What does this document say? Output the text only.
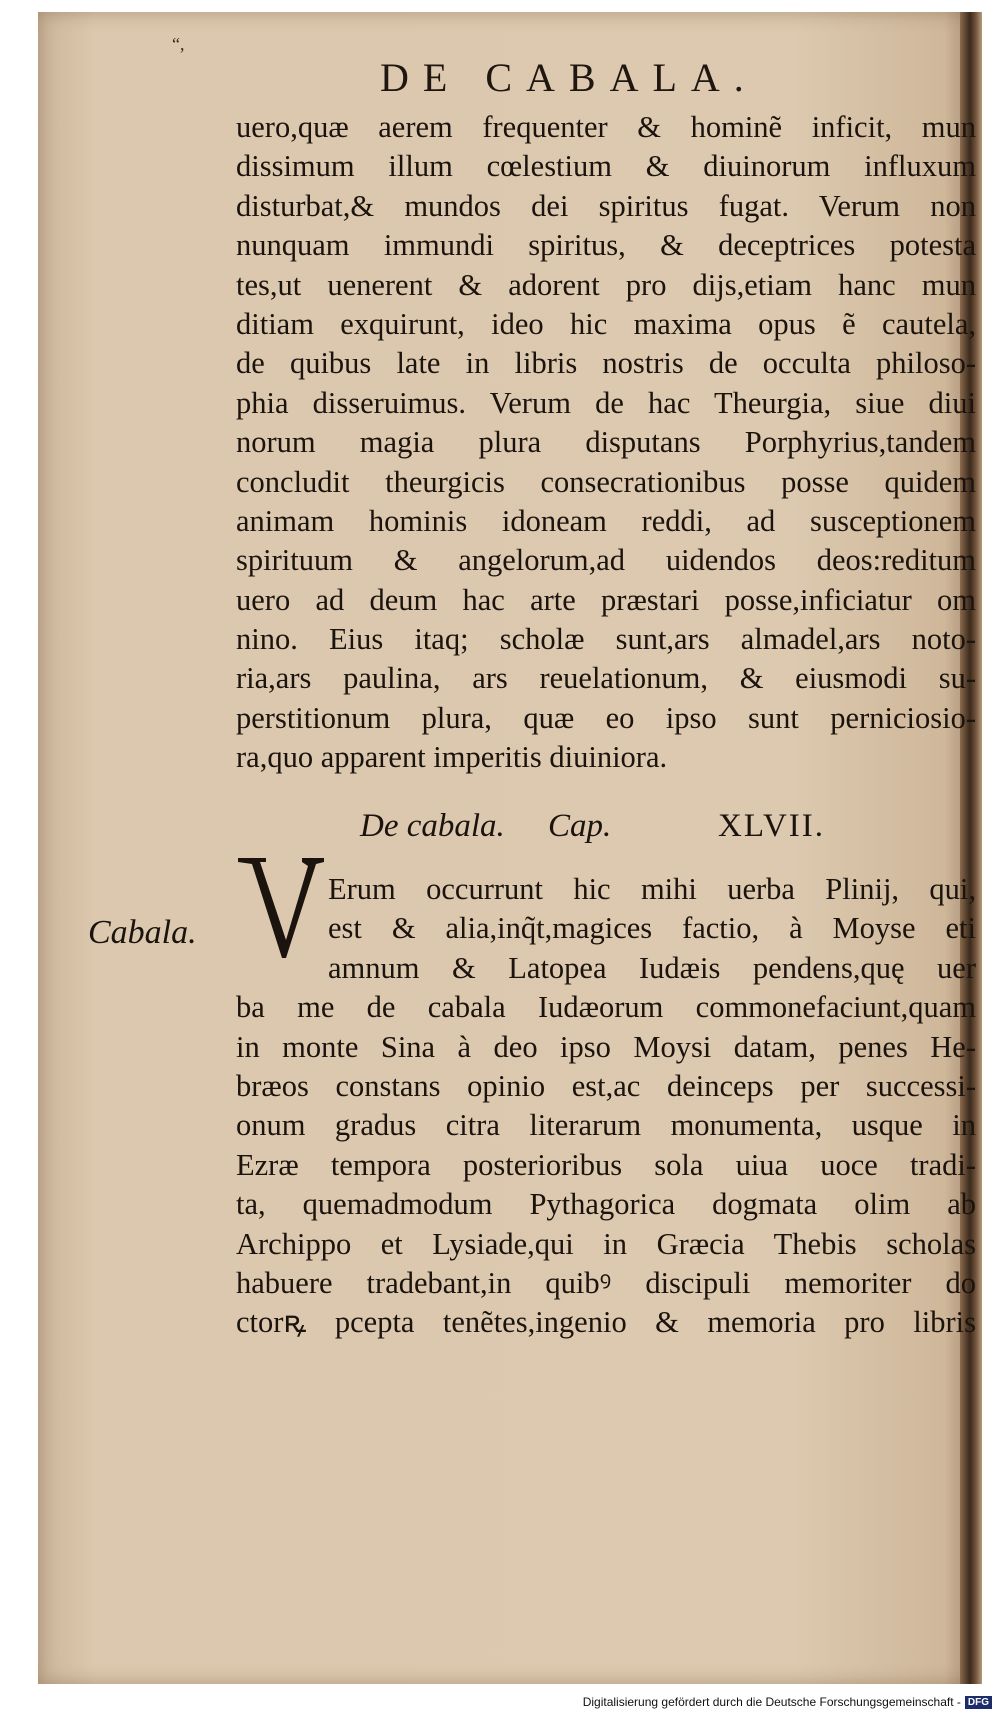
“,
DE CABALA.
uero,quæ aerem frequenter & hominẽ inficit, mun
dissimum illum cœlestium & diuinorum influxum
disturbat,& mundos dei spiritus fugat. Verum non
nunquam immundi spiritus, & deceptrices potesta
tes,ut uenerent & adorent pro dijs,etiam hanc mun
ditiam exquirunt, ideo hic maxima opus ẽ cautela,
de quibus late in libris nostris de occulta philoso-
phia disseruimus. Verum de hac Theurgia, siue diui
norum magia plura disputans Porphyrius,tandem
concludit theurgicis consecrationibus posse quidem
animam hominis idoneam reddi, ad susceptionem
spirituum & angelorum,ad uidendos deos:reditum
uero ad deum hac arte præstari posse,inficiatur om
nino. Eius itaq; scholæ sunt,ars almadel,ars noto-
ria,ars paulina, ars reuelationum, & eiusmodi su-
perstitionum plura, quæ eo ipso sunt perniciosio-
ra,quo apparent imperitis diuiniora.
De cabala. Cap.	XLVII.
Cabala.
Erum occurrunt hic mihi uerba Plinij, qui,
est & alia,inq̃t,magices factio, à Moyse eti
amnum & Latopea Iudæis pendens,quę uer
ba me de cabala Iudæorum commonefaciunt,quam
in monte Sina à deo ipso Moysi datam, penes He-
bræos constans opinio est,ac deinceps per successi-
onum gradus citra literarum monumenta, usque in
Ezræ tempora posterioribus sola uiua uoce tradi-
ta, quemadmodum Pythagorica dogmata olim ab
Archippo et Lysiade,qui in Græcia Thebis scholas
habuere tradebant,in quibꝰ discipuli memoriter do
ctorꝶ pcepta tenẽtes,ingenio & memoria pro libris
Digitalisierung gefördert durch die Deutsche Forschungsgemeinschaft - DFG
